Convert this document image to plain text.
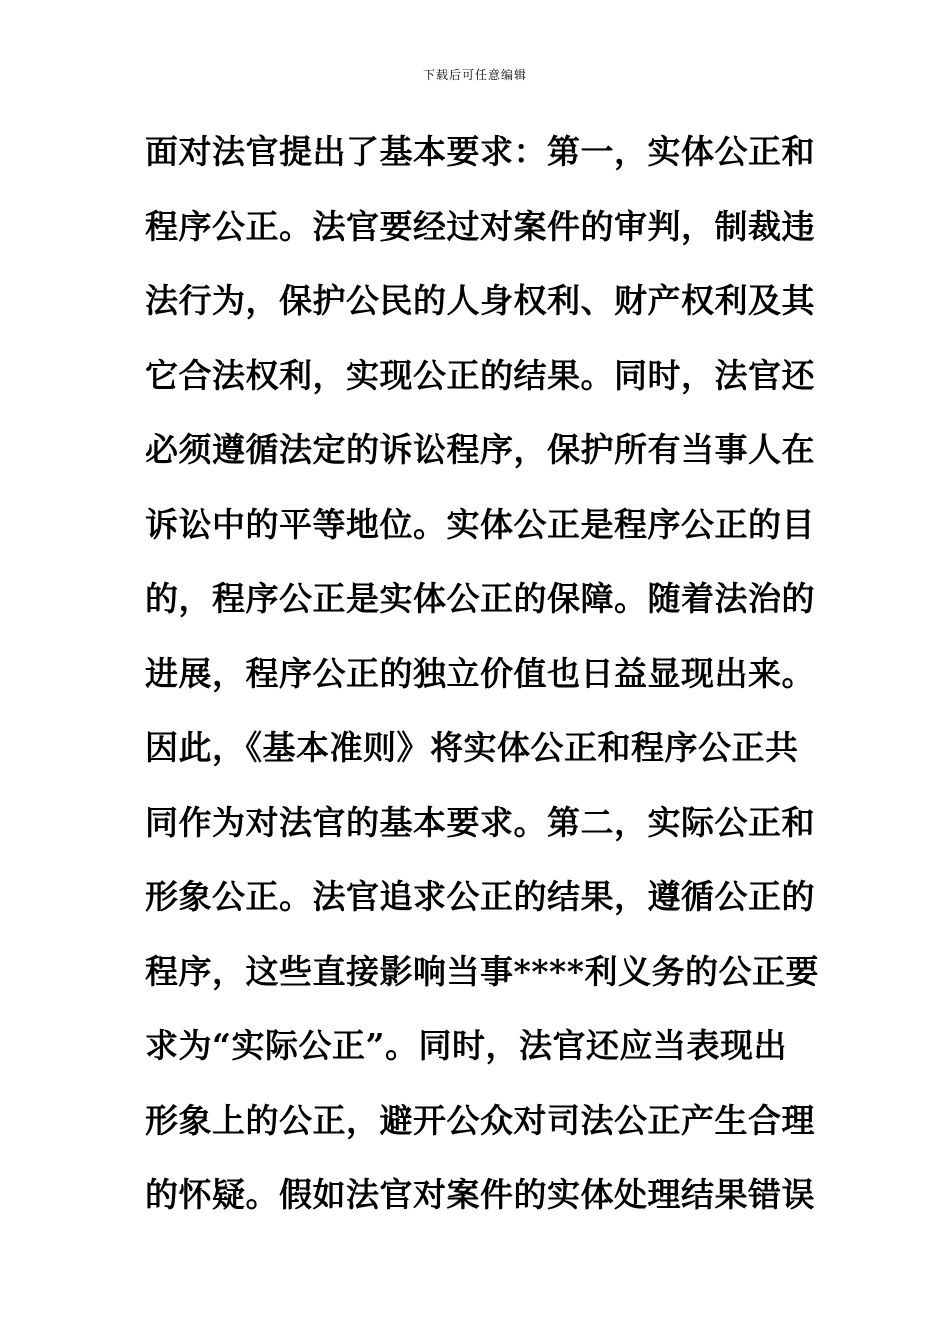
下载后可任意编辑
面对法官提出了基本要求：第一，实体公正和
程序公正。法官要经过对案件的审判，制裁违
法行为，保护公民的人身权利、财产权利及其
它合法权利，实现公正的结果。同时，法官还
必须遵循法定的诉讼程序，保护所有当事人在
诉讼中的平等地位。实体公正是程序公正的目
的，程序公正是实体公正的保障。随着法治的
进展，程序公正的独立价值也日益显现出来。
因此，《基本准则》将实体公正和程序公正共
同作为对法官的基本要求。第二，实际公正和
形象公正。法官追求公正的结果，遵循公正的
程序，这些直接影响当事****利义务的公正要
求为“实际公正”。同时，法官还应当表现出
形象上的公正，避开公众对司法公正产生合理
的怀疑。假如法官对案件的实体处理结果错误
